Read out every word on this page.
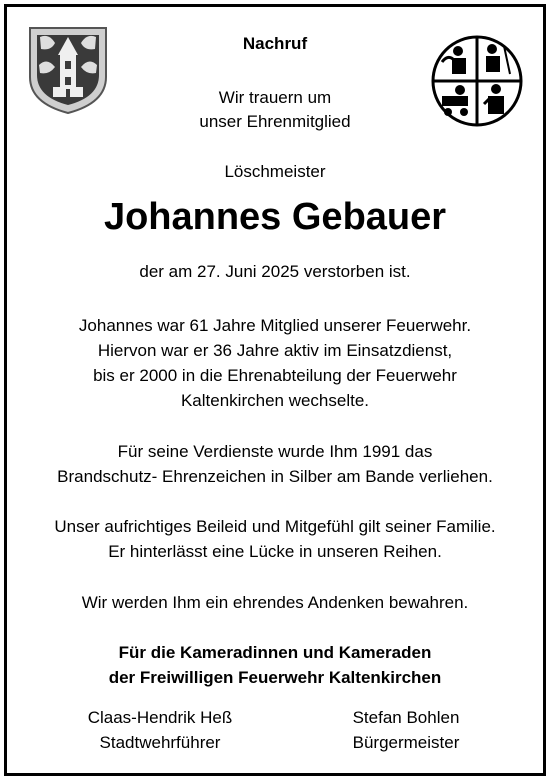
Nachruf
Wir trauern um
unser Ehrenmitglied
Löschmeister
Johannes Gebauer
der am 27. Juni 2025 verstorben ist.
Johannes war 61 Jahre Mitglied unserer Feuerwehr.
Hiervon war er 36 Jahre aktiv im Einsatzdienst,
bis er 2000 in die Ehrenabteilung der Feuerwehr
Kaltenkirchen wechselte.
Für seine Verdienste wurde Ihm 1991 das
Brandschutz- Ehrenzeichen in Silber am Bande verliehen.
Unser aufrichtiges Beileid und Mitgefühl gilt seiner Familie.
Er hinterlässt eine Lücke in unseren Reihen.
Wir werden Ihm ein ehrendes Andenken bewahren.
Für die Kameradinnen und Kameraden
der Freiwilligen Feuerwehr Kaltenkirchen
Claas-Hendrik Heß
Stadtwehrführer
Stefan Bohlen
Bürgermeister
